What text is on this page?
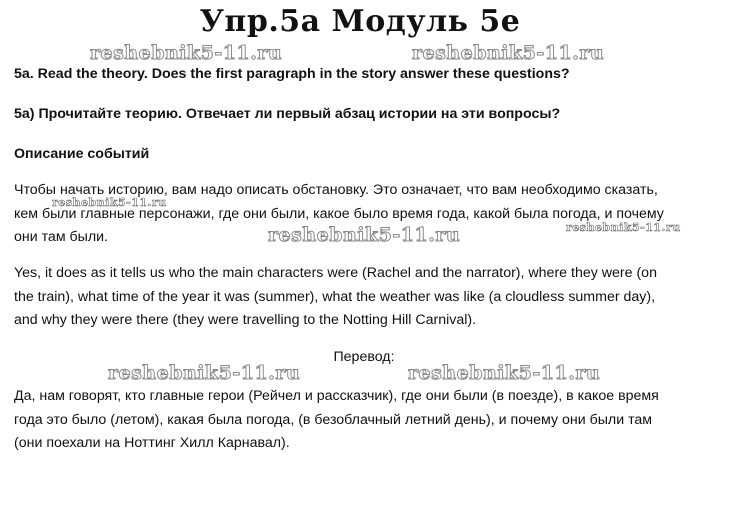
Упр.5а Модуль 5е
5a. Read the theory. Does the first paragraph in the story answer these questions?
5а) Прочитайте теорию. Отвечает ли первый абзац истории на эти вопросы?
Описание событий
Чтобы начать историю, вам надо описать обстановку. Это означает, что вам необходимо сказать,
кем были главные персонажи, где они были, какое было время года, какой была погода, и почему
они там были.
Yes, it does as it tells us who the main characters were (Rachel and the narrator), where they were (on
the train), what time of the year it was (summer), what the weather was like (a cloudless summer day),
and why they were there (they were travelling to the Notting Hill Carnival).
Перевод:
Да, нам говорят, кто главные герои (Рейчел и рассказчик), где они были (в поезде), в какое время
года это было (летом), какая была погода, (в безоблачный летний день), и почему они были там
(они поехали на Ноттинг Хилл Карнавал).
reshebnik5-11.ru	reshebnik5-11.ru
reshebnik5-11.ru
reshebnik5-11.ru	reshebnik5-11.ru
reshebnik5-11.ru	reshebnik5-11.ru
